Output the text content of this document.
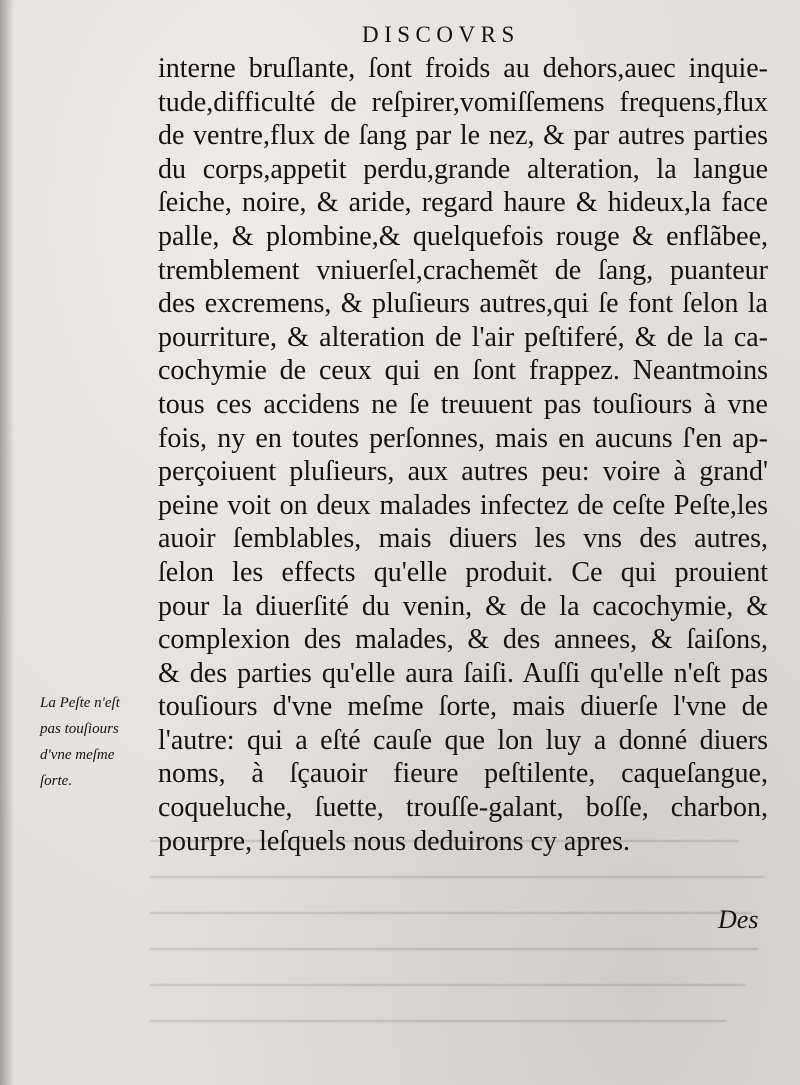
DISCOVRS
interne bruſlante, ſont froids au dehors,auec inquie-
tude,difficulté de reſpirer,vomiſſemens frequens,flux
de ventre,flux de ſang par le nez, & par autres parties
du corps,appetit perdu,grande alteration, la langue
ſeiche, noire, & aride, regard haure & hideux,la face
palle, & plombine,& quelquefois rouge & enflãbee,
tremblement vniuerſel,crachemẽt de ſang, puanteur
des excremens, & pluſieurs autres,qui ſe font ſelon la
pourriture, & alteration de l'air peſtiferé, & de la ca-
cochymie de ceux qui en ſont frappez. Neantmoins
tous ces accidens ne ſe treuuent pas touſiours à vne
fois, ny en toutes perſonnes, mais en aucuns ſ'en ap-
perçoiuent pluſieurs, aux autres peu: voire à grand'
peine voit on deux malades infectez de ceſte Peſte,les
auoir ſemblables, mais diuers les vns des autres,
ſelon les effects qu'elle produit. Ce qui prouient
pour la diuerſité du venin, & de la cacochymie, &
complexion des malades, & des annees, & ſaiſons,
& des parties qu'elle aura ſaiſi. Auſſi qu'elle n'eſt pas
touſiours d'vne meſme ſorte, mais diuerſe l'vne de
l'autre: qui a eſté cauſe que lon luy a donné diuers
noms, à ſçauoir fieure peſtilente, caqueſangue,
coqueluche, ſuette, trouſſe-galant, boſſe, charbon,
pourpre, leſquels nous deduirons cy apres.
La Peſte n'eſt
pas touſiours
d'vne meſme
ſorte.
Des
